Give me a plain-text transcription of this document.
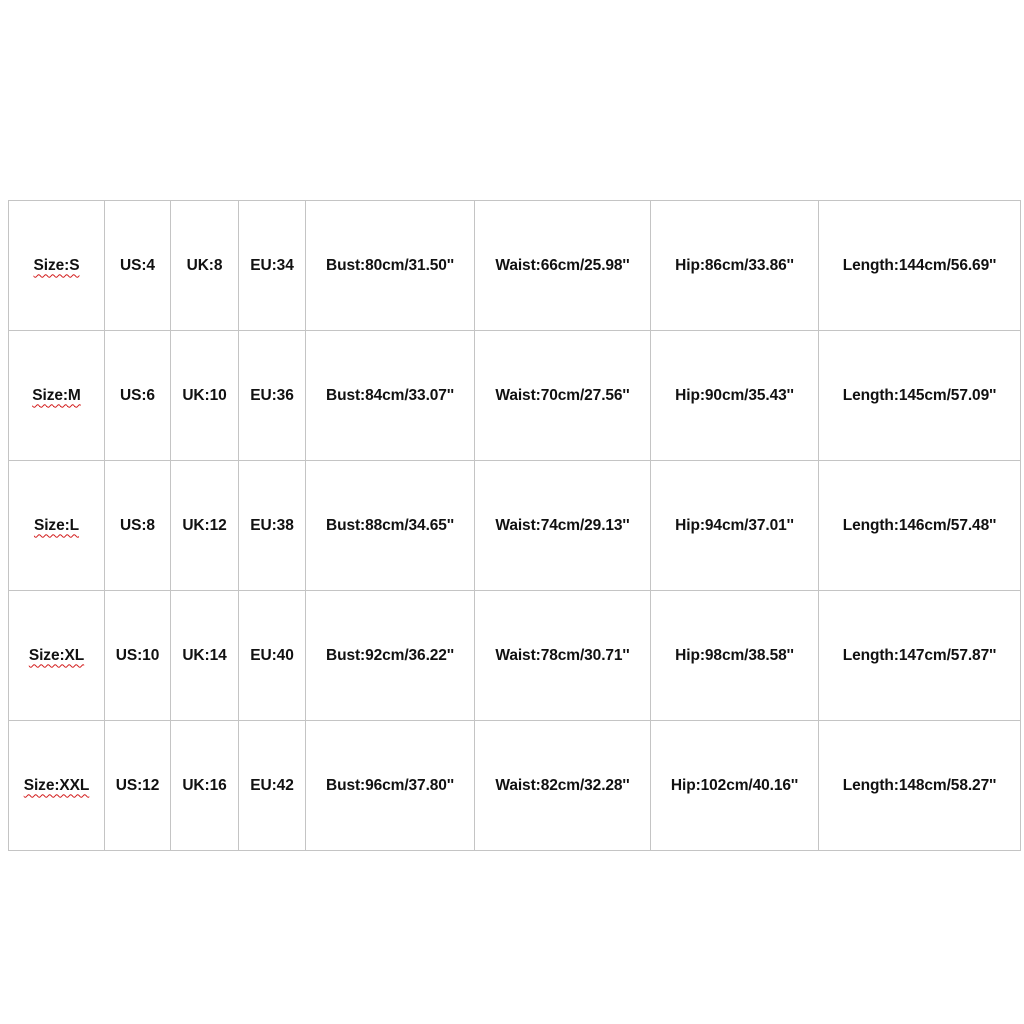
Size:S	US:4	UK:8	EU:34	Bust:80cm/31.50''	Waist:66cm/25.98''	Hip:86cm/33.86''	Length:144cm/56.69''
Size:M	US:6	UK:10	EU:36	Bust:84cm/33.07''	Waist:70cm/27.56''	Hip:90cm/35.43''	Length:145cm/57.09''
Size:L	US:8	UK:12	EU:38	Bust:88cm/34.65''	Waist:74cm/29.13''	Hip:94cm/37.01''	Length:146cm/57.48''
Size:XL	US:10	UK:14	EU:40	Bust:92cm/36.22''	Waist:78cm/30.71''	Hip:98cm/38.58''	Length:147cm/57.87''
Size:XXL	US:12	UK:16	EU:42	Bust:96cm/37.80''	Waist:82cm/32.28''	Hip:102cm/40.16''	Length:148cm/58.27''
